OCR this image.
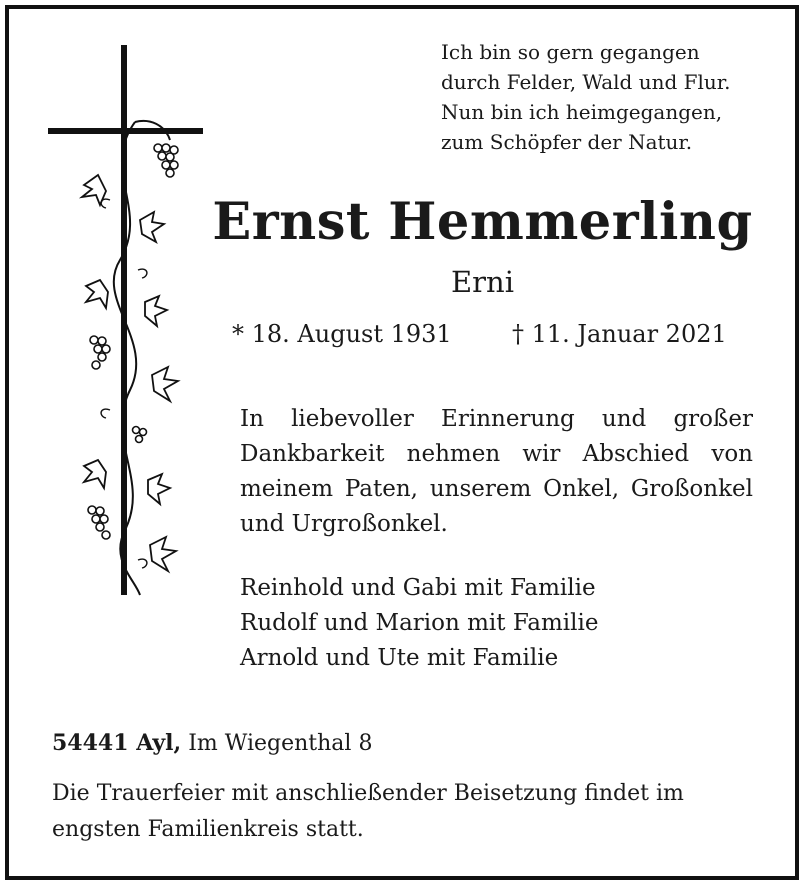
Ich bin so gern gegangen
durch Felder, Wald und Flur.
Nun bin ich heimgegangen,
zum Schöpfer der Natur.
Ernst Hemmerling
Erni
* 18. August 1931	† 11. Januar 2021
In liebevoller Erinnerung und großer Dankbarkeit nehmen wir Abschied von meinem Paten, unserem Onkel, Großonkel und Urgroßonkel.
Reinhold und Gabi mit Familie
Rudolf und Marion mit Familie
Arnold und Ute mit Familie
54441 Ayl, Im Wiegenthal 8
Die Trauerfeier mit anschließender Beisetzung findet im engsten Familienkreis statt.
